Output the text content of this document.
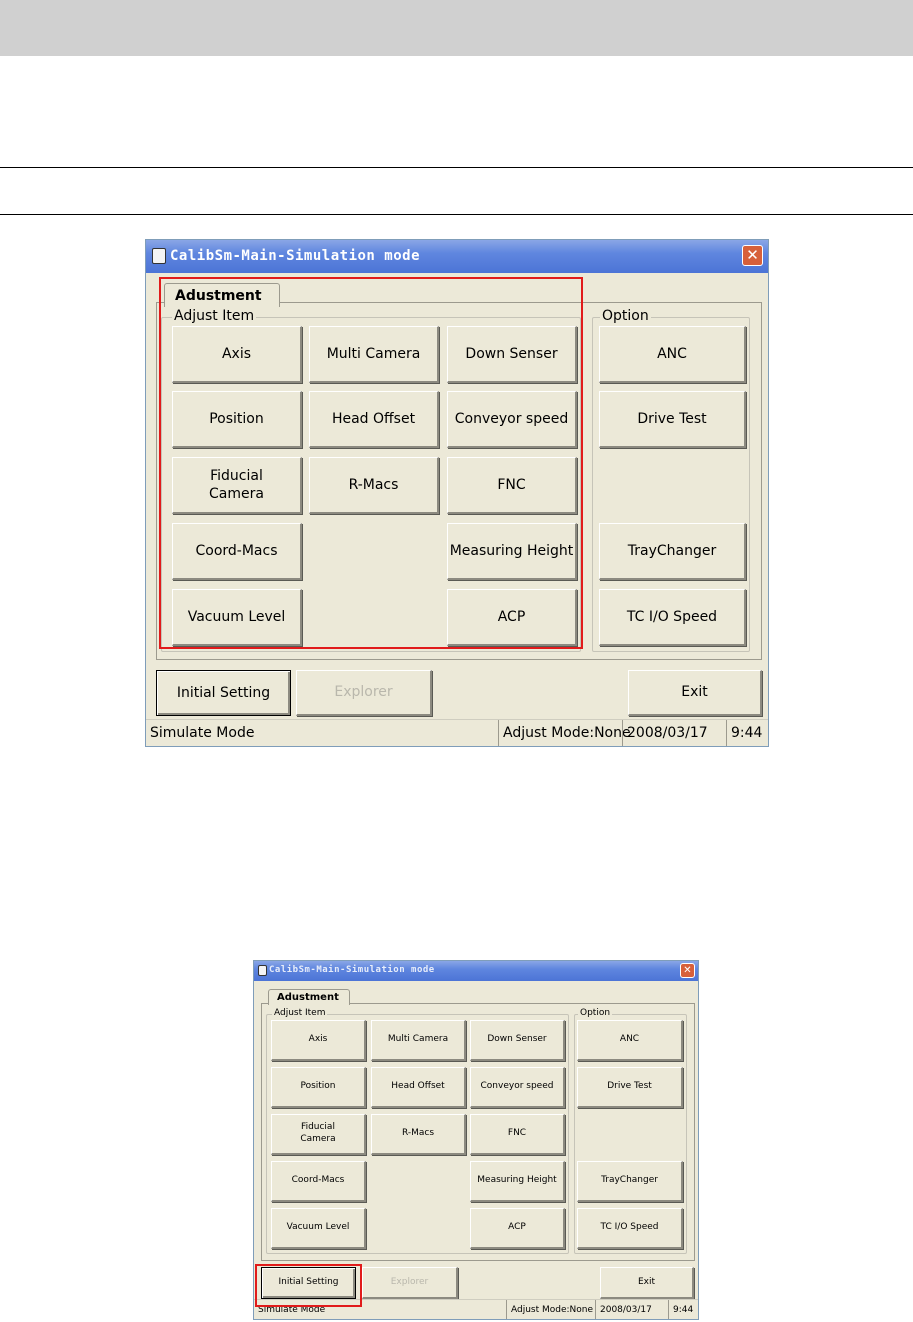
CalibSm-Main-Simulation mode	✕
Adustment
Adjust Item
Axis	Multi Camera	Down Senser
Position	Head Offset	Conveyor speed
Fiducial
Camera
R-Macs	FNC
Coord-Macs	Measuring Height
Vacuum Level	ACP
Option
ANC
Drive Test
TrayChanger
TC I/O Speed
Initial Setting	Explorer	Exit
Simulate Mode	Adjust Mode:None
2008/03/17	9:44
CalibSm-Main-Simulation mode	✕
Adustment
Adjust Item
Axis	Multi Camera	Down Senser
Position	Head Offset	Conveyor speed
Fiducial
Camera
R-Macs	FNC
Coord-Macs	Measuring Height
Vacuum Level	ACP
Option
ANC
Drive Test
TrayChanger
TC I/O Speed
Initial Setting	Explorer	Exit
Simulate Mode	Adjust Mode:None 2008/03/17	9:44
